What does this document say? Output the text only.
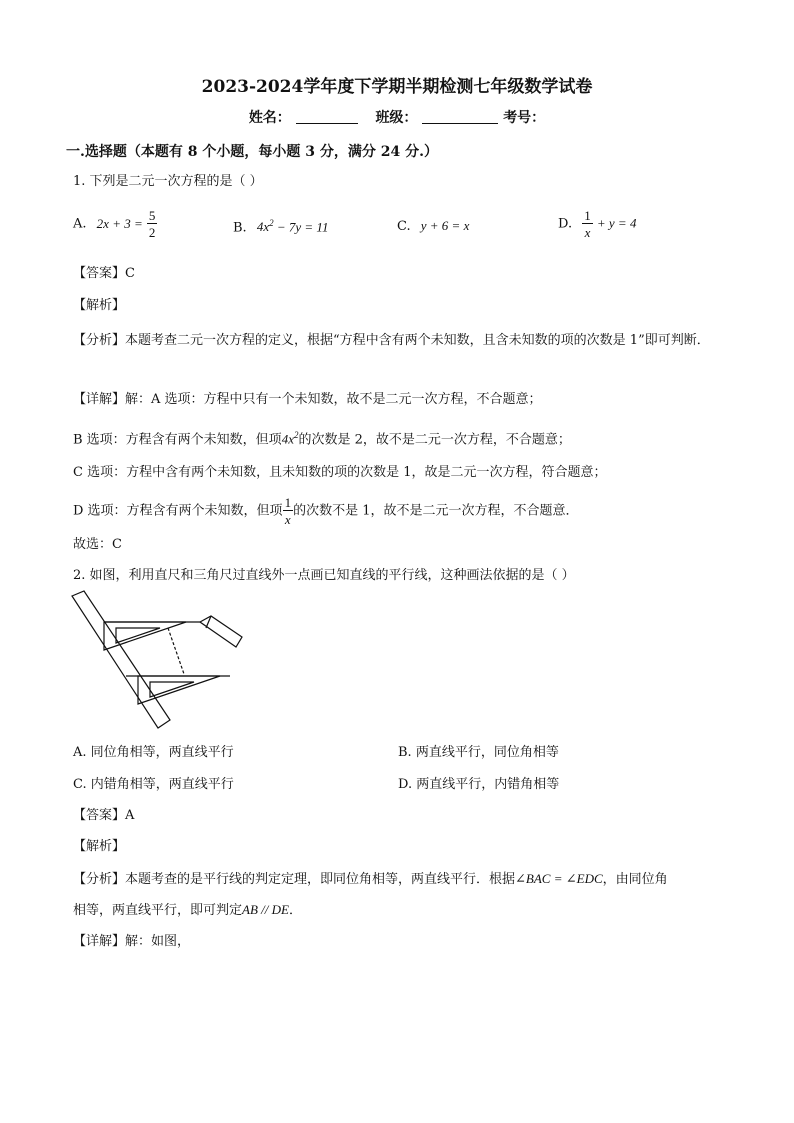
2023-2024学年度下学期半期检测七年级数学试卷
姓名：	班级：	考号：
一.选择题（本题有 8 个小题，每小题 3 分，满分 24 分.）
1. 下列是二元一次方程的是（ ）
A. $2x + 3 = \frac{5}{2}$	B. $4x^2 - 7y = 11$	C. y + 6 = x	D. $\frac{1}{x} + y = 4$
【答案】C
【解析】
【分析】本题考查二元一次方程的定义，根据“方程中含有两个未知数，且含未知数的项的次数是 1”即可判断．
【详解】解：A 选项：方程中只有一个未知数，故不是二元一次方程，不合题意；
B 选项：方程含有两个未知数，但项$4x^2$的次数是 2，故不是二元一次方程，不合题意；
C 选项：方程中含有两个未知数，且未知数的项的次数是 1，故是二元一次方程，符合题意；
D 选项：方程含有两个未知数，但项 $\frac{1}{x}$ 的次数不是 1，故不是二元一次方程，不合题意．
故选：C
2. 如图，利用直尺和三角尺过直线外一点画已知直线的平行线，这种画法依据的是（ ）
A. 同位角相等，两直线平行	B. 两直线平行，同位角相等
C. 内错角相等，两直线平行	D. 两直线平行，内错角相等
【答案】A
【解析】
【分析】本题考查的是平行线的判定定理，即同位角相等，两直线平行．根据∠BAC = ∠EDC，由同位角
相等，两直线平行，即可判定AB // DE．
【详解】解：如图，
